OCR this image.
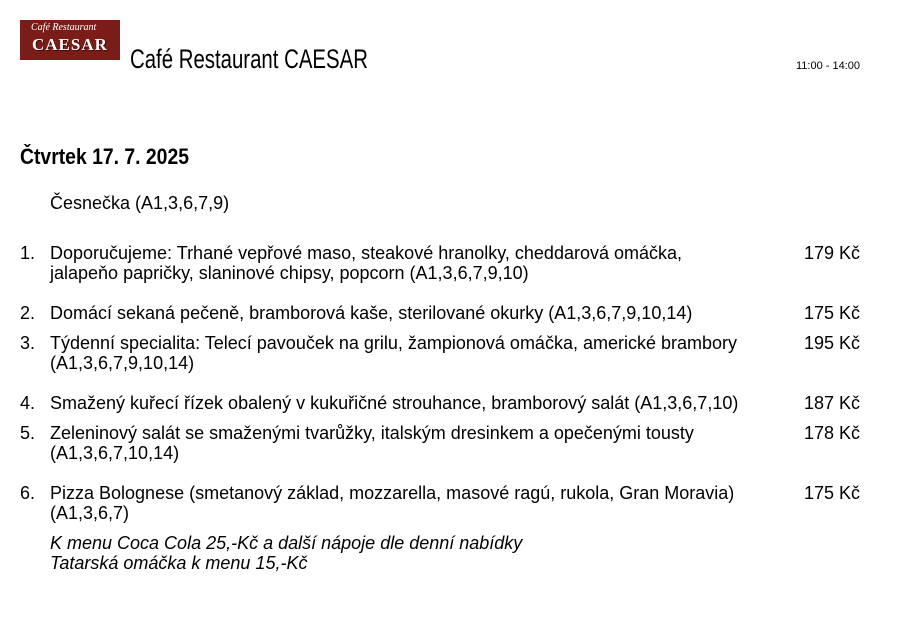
Café Restaurant
CAESAR Café Restaurant CAESAR	11:00 - 14:00
Čtvrtek 17. 7. 2025
Česnečka (A1,3,6,7,9)
1. Doporučujeme: Trhané vepřové maso, steakové hranolky, cheddarová omáčka,
jalapeňo papričky, slaninové chipsy, popcorn (A1,3,6,7,9,10)
179 Kč
2. Domácí sekaná pečeně, bramborová kaše, sterilované okurky (A1,3,6,7,9,10,14)	175 Kč
3. Týdenní specialita: Telecí pavouček na grilu, žampionová omáčka, americké brambory
(A1,3,6,7,9,10,14)
195 Kč
4. Smažený kuřecí řízek obalený v kukuřičné strouhance, bramborový salát (A1,3,6,7,10)	187 Kč
5. Zeleninový salát se smaženými tvarůžky, italským dresinkem a opečenými tousty
(A1,3,6,7,10,14)
178 Kč
6. Pizza Bolognese (smetanový základ, mozzarella, masové ragú, rukola, Gran Moravia)
(A1,3,6,7)
175 Kč
K menu Coca Cola 25,-Kč a další nápoje dle denní nabídky
Tatarská omáčka k menu 15,-Kč
